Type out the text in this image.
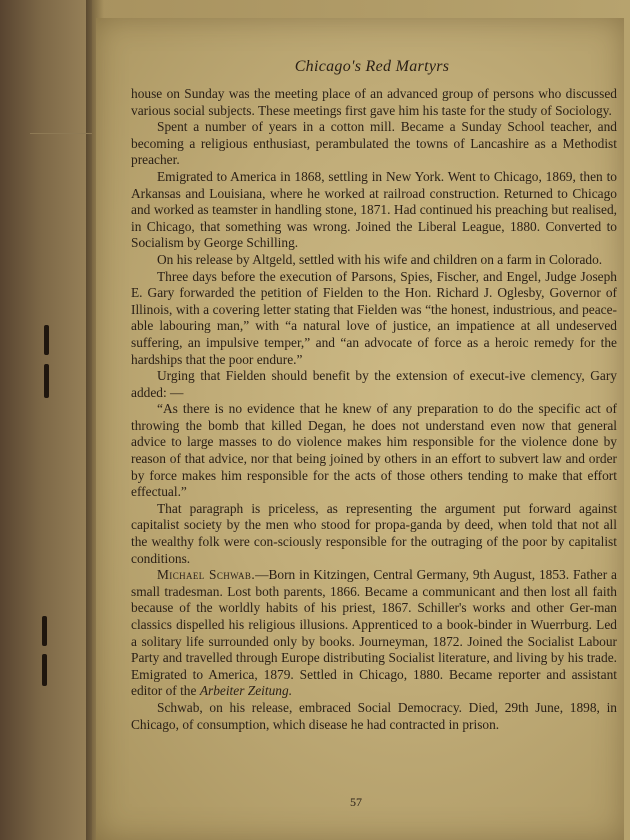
Chicago's Red Martyrs

house on Sunday was the meeting place of an advanced group of persons who discussed various social subjects. These meetings first gave him his taste for the study of Sociology.

Spent a number of years in a cotton mill. Became a Sunday School teacher, and becoming a religious enthusiast, perambulated the towns of Lancashire as a Methodist preacher.

Emigrated to America in 1868, settling in New York. Went to Chicago, 1869, then to Arkansas and Louisiana, where he worked at railroad construction. Returned to Chicago and worked as teamster in handling stone, 1871. Had continued his preaching but realised, in Chicago, that something was wrong. Joined the Liberal League, 1880. Converted to Socialism by George Schilling.

On his release by Altgeld, settled with his wife and children on a farm in Colorado.

Three days before the execution of Parsons, Spies, Fischer, and Engel, Judge Joseph E. Gary forwarded the petition of Fielden to the Hon. Richard J. Oglesby, Governor of Illinois, with a covering letter stating that Fielden was “the honest, industrious, and peace-able labouring man,” with “a natural love of justice, an impatience at all undeserved suffering, an impulsive temper,” and “an advocate of force as a heroic remedy for the hardships that the poor endure.”

Urging that Fielden should benefit by the extension of execut-ive clemency, Gary added: —

“As there is no evidence that he knew of any preparation to do the specific act of throwing the bomb that killed Degan, he does not understand even now that general advice to large masses to do violence makes him responsible for the violence done by reason of that advice, nor that being joined by others in an effort to subvert law and order by force makes him responsible for the acts of those others tending to make that effort effectual.”

That paragraph is priceless, as representing the argument put forward against capitalist society by the men who stood for propa-ganda by deed, when told that not all the wealthy folk were con-sciously responsible for the outraging of the poor by capitalist conditions.

Michael Schwab.—Born in Kitzingen, Central Germany, 9th August, 1853. Father a small tradesman. Lost both parents, 1866. Became a communicant and then lost all faith because of the worldly habits of his priest, 1867. Schiller's works and other Ger-man classics dispelled his religious illusions. Apprenticed to a book-binder in Wuerrburg. Led a solitary life surrounded only by books. Journeyman, 1872. Joined the Socialist Labour Party and travelled through Europe distributing Socialist literature, and living by his trade. Emigrated to America, 1879. Settled in Chicago, 1880. Became reporter and assistant editor of the Arbeiter Zeitung.

Schwab, on his release, embraced Social Democracy. Died, 29th June, 1898, in Chicago, of consumption, which disease he had contracted in prison.

57
